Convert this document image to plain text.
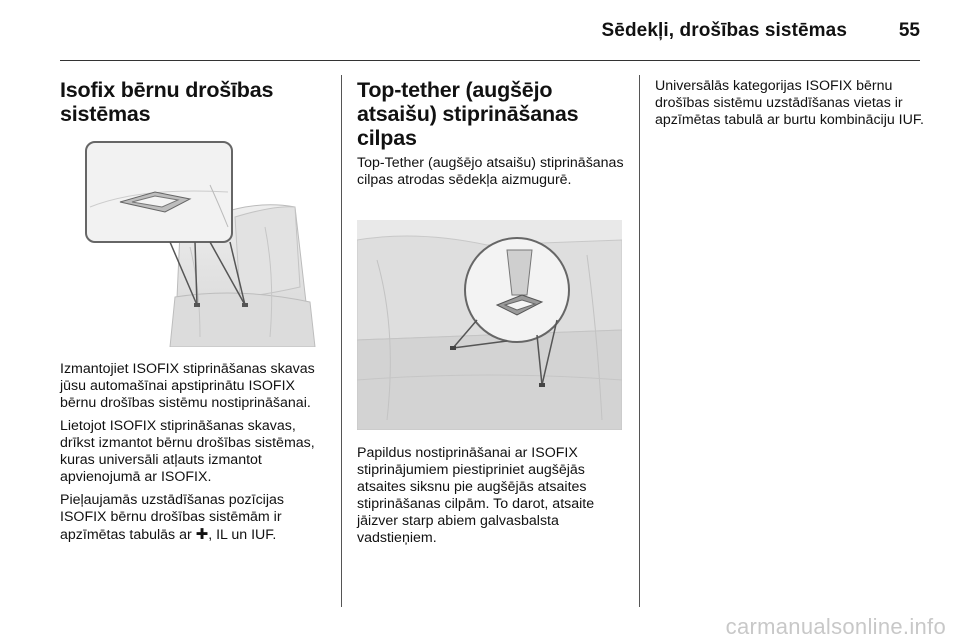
Sēdekļi, drošības sistēmas	55
Isofix bērnu drošības sistēmas

Izmantojiet ISOFIX stiprināšanas skavas jūsu automašīnai apstiprinātu ISOFIX bērnu drošības sistēmu nostiprināšanai.

Lietojot ISOFIX stiprināšanas skavas, drīkst izmantot bērnu drošības sistēmas, kuras universāli atļauts izmantot apvienojumā ar ISOFIX.

Pieļaujamās uzstādīšanas pozīcijas ISOFIX bērnu drošības sistēmām ir apzīmētas tabulās ar ✚, IL un IUF.

Top-tether (augšējo atsaišu) stiprināšanas cilpas

Top-Tether (augšējo atsaišu) stiprināšanas cilpas atrodas sēdekļa aizmugurē.

Papildus nostiprināšanai ar ISOFIX stiprinājumiem piestipriniet augšējās atsaites siksnu pie augšējās atsaites stiprināšanas cilpām. To darot, atsaite jāizver starp abiem galvasbalsta vadstieņiem.

Universālās kategorijas ISOFIX bērnu drošības sistēmu uzstādīšanas vietas ir apzīmētas tabulā ar burtu kombināciju IUF.

carmanualsonline.info
